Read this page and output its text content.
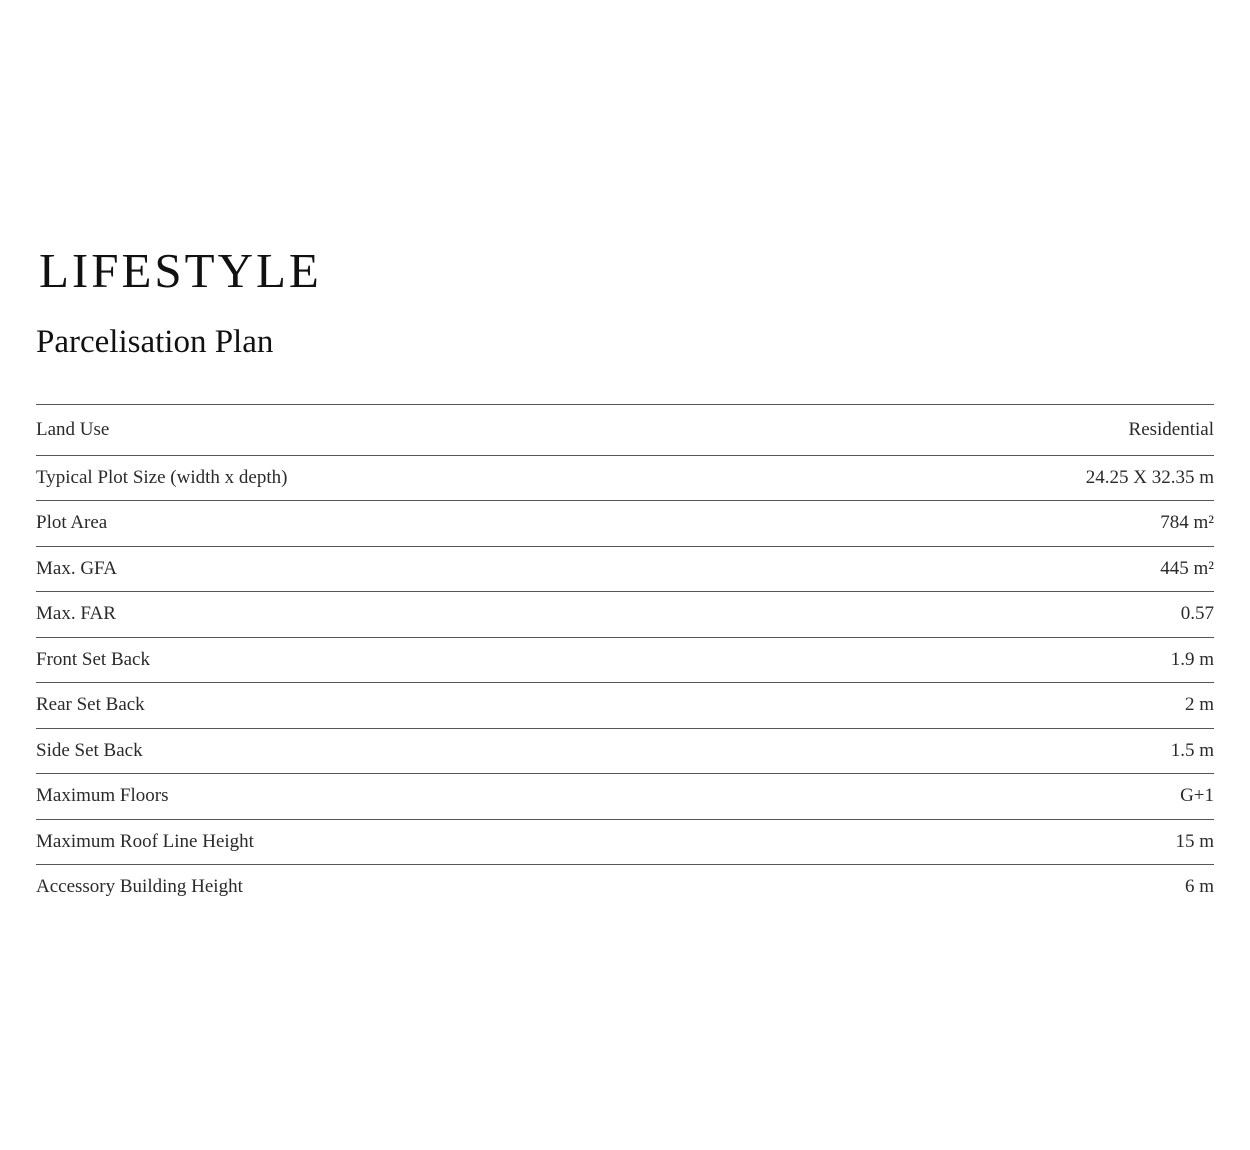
LIFESTYLE
Parcelisation Plan
Land Use	Residential
Typical Plot Size (width x depth)	24.25 X 32.35 m
Plot Area	784 m²
Max. GFA	445 m²
Max. FAR	0.57
Front Set Back	1.9 m
Rear Set Back	2 m
Side Set Back	1.5 m
Maximum Floors	G+1
Maximum Roof Line Height	15 m
Accessory Building Height	6 m
